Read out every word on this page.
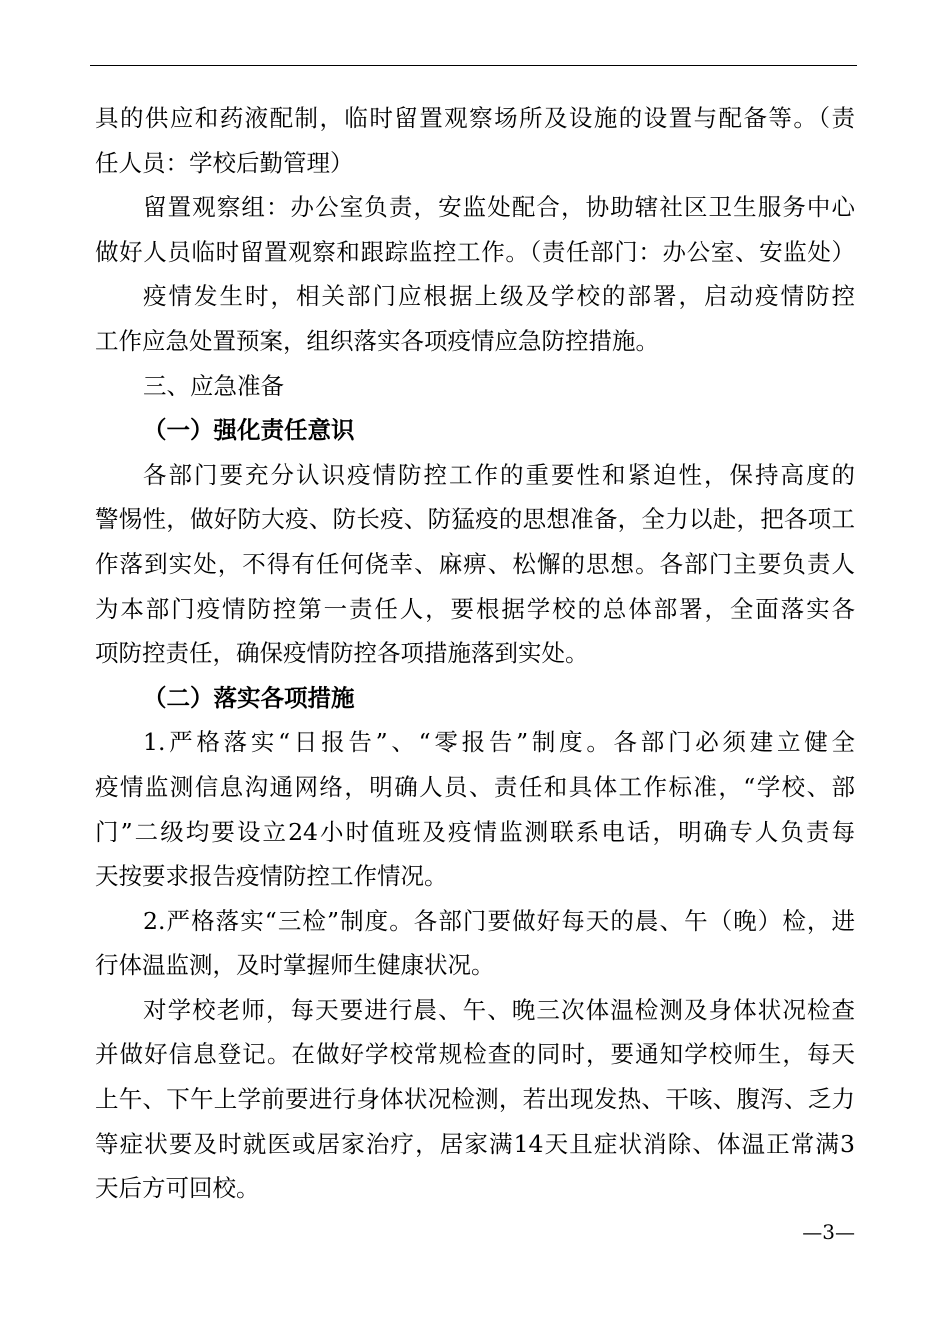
具的供应和药液配制，临时留置观察场所及设施的设置与配备等。（责
任人员：学校后勤管理）
留置观察组：办公室负责，安监处配合，协助辖社区卫生服务中心
做好人员临时留置观察和跟踪监控工作。（责任部门：办公室、安监处）
疫情发生时，相关部门应根据上级及学校的部署，启动疫情防控
工作应急处置预案，组织落实各项疫情应急防控措施。
三、应急准备
（一）强化责任意识
各部门要充分认识疫情防控工作的重要性和紧迫性，保持高度的
警惕性，做好防大疫、防长疫、防猛疫的思想准备，全力以赴，把各项工
作落到实处，不得有任何侥幸、麻痹、松懈的思想。各部门主要负责人
为本部门疫情防控第一责任人，要根据学校的总体部署，全面落实各
项防控责任，确保疫情防控各项措施落到实处。
（二）落实各项措施
1.严格落实“日报告”、“零报告”制度。各部门必须建立健全
疫情监测信息沟通网络，明确人员、责任和具体工作标准，“学校、部
门”二级均要设立24小时值班及疫情监测联系电话，明确专人负责每
天按要求报告疫情防控工作情况。
2.严格落实“三检”制度。各部门要做好每天的晨、午（晚）检，进
行体温监测，及时掌握师生健康状况。
对学校老师，每天要进行晨、午、晚三次体温检测及身体状况检查
并做好信息登记。在做好学校常规检查的同时，要通知学校师生，每天
上午、下午上学前要进行身体状况检测，若出现发热、干咳、腹泻、乏力
等症状要及时就医或居家治疗，居家满14天且症状消除、体温正常满3
天后方可回校。
—3—
